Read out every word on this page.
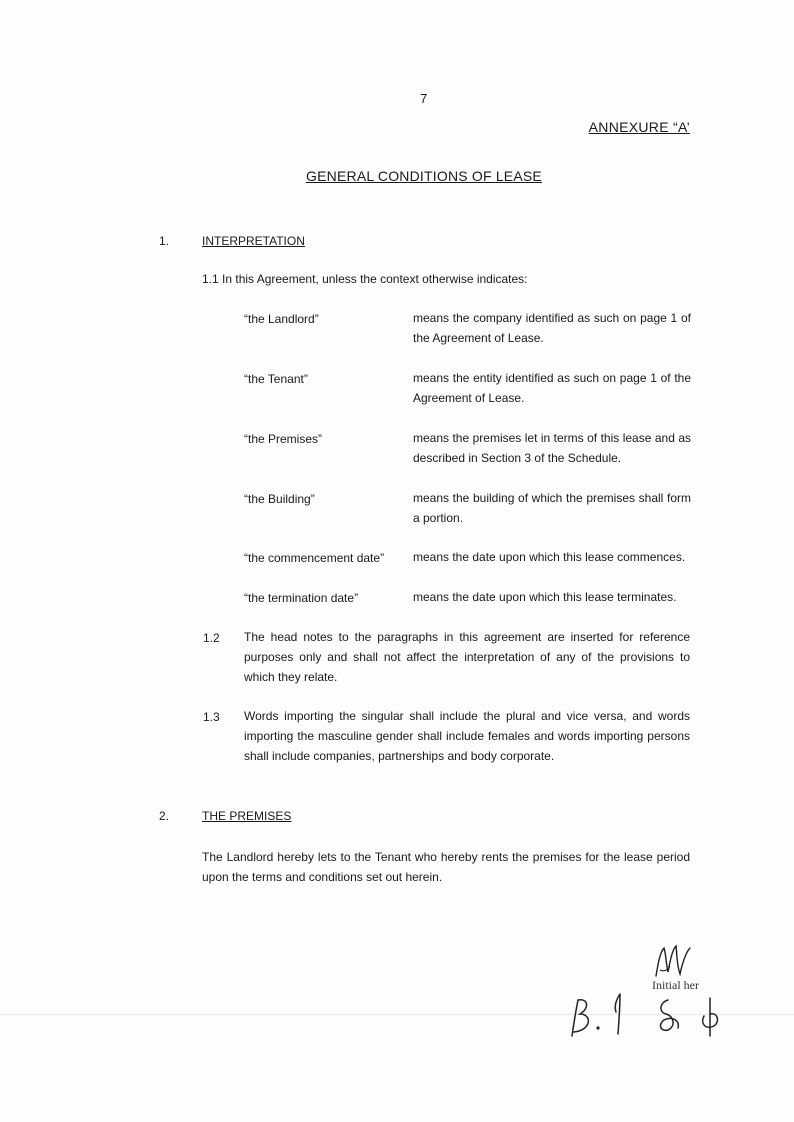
7
ANNEXURE “A’
GENERAL CONDITIONS OF LEASE
1.	INTERPRETATION
1.1 In this Agreement, unless the context otherwise indicates:
“the Landlord”	means the company identified as such on page 1 of the Agreement of Lease.
“the Tenant”	means the entity identified as such on page 1 of the Agreement of Lease.
“the Premises”	means the premises let in terms of this lease and as described in Section 3 of the Schedule.
“the Building”	means the building of which the premises shall form a portion.
“the commencement date” means the date upon which this lease commences.
“the termination date”	means the date upon which this lease terminates.
1.2 The head notes to the paragraphs in this agreement are inserted for reference purposes only and shall not affect the interpretation of any of the provisions to which they relate.
1.3 Words importing the singular shall include the plural and vice versa, and words importing the masculine gender shall include females and words importing persons shall include companies, partnerships and body corporate.
2.	THE PREMISES
The Landlord hereby lets to the Tenant who hereby rents the premises for the lease period upon the terms and conditions set out herein.
Initial her
